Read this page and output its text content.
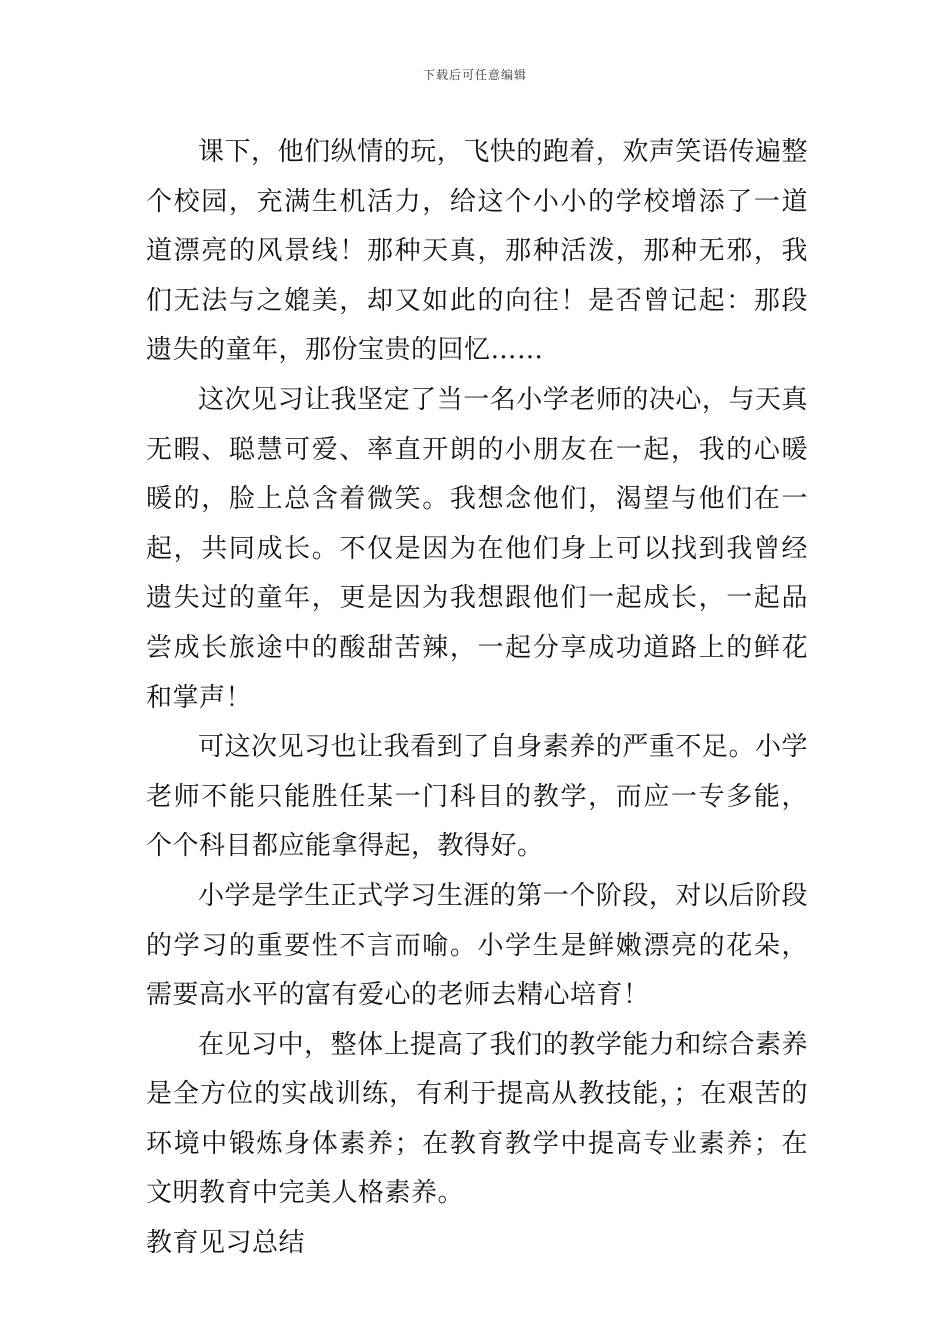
下载后可任意编辑

课下，他们纵情的玩，飞快的跑着，欢声笑语传遍整个校园，充满生机活力，给这个小小的学校增添了一道道漂亮的风景线！那种天真，那种活泼，那种无邪，我们无法与之媲美，却又如此的向往！是否曾记起：那段遗失的童年，那份宝贵的回忆……

这次见习让我坚定了当一名小学老师的决心，与天真无暇、聪慧可爱、率直开朗的小朋友在一起，我的心暖暖的，脸上总含着微笑。我想念他们，渴望与他们在一起，共同成长。不仅是因为在他们身上可以找到我曾经遗失过的童年，更是因为我想跟他们一起成长，一起品尝成长旅途中的酸甜苦辣，一起分享成功道路上的鲜花和掌声！

可这次见习也让我看到了自身素养的严重不足。小学老师不能只能胜任某一门科目的教学，而应一专多能，个个科目都应能拿得起，教得好。

小学是学生正式学习生涯的第一个阶段，对以后阶段的学习的重要性不言而喻。小学生是鲜嫩漂亮的花朵，需要高水平的富有爱心的老师去精心培育！

在见习中，整体上提高了我们的教学能力和综合素养是全方位的实战训练，有利于提高从教技能，；在艰苦的环境中锻炼身体素养；在教育教学中提高专业素养；在文明教育中完美人格素养。

教育见习总结
